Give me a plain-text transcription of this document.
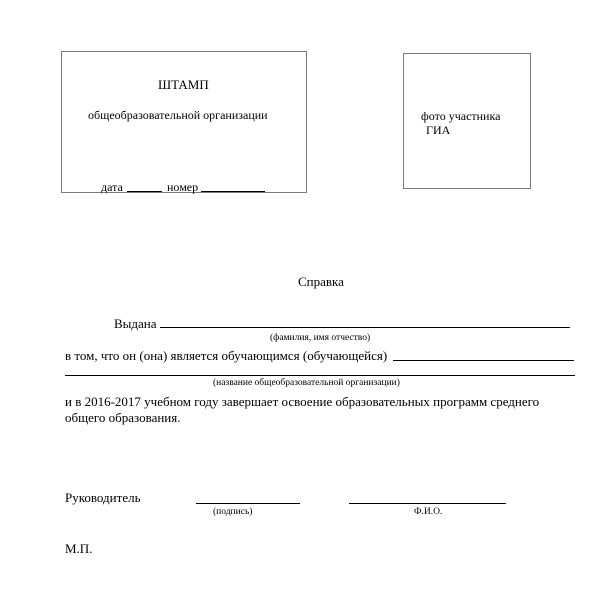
ШТАМП
общеобразовательной организации
дата	номер
фото участника
ГИА
Справка
Выдана
(фамилия, имя отчество)
в том, что он (она) является обучающимся (обучающейся)
(название общеобразовательной организации)
и в 2016-2017 учебном году завершает освоение образовательных программ среднего
общего образования.
Руководитель
(подпись)	Ф.И.О.
М.П.
